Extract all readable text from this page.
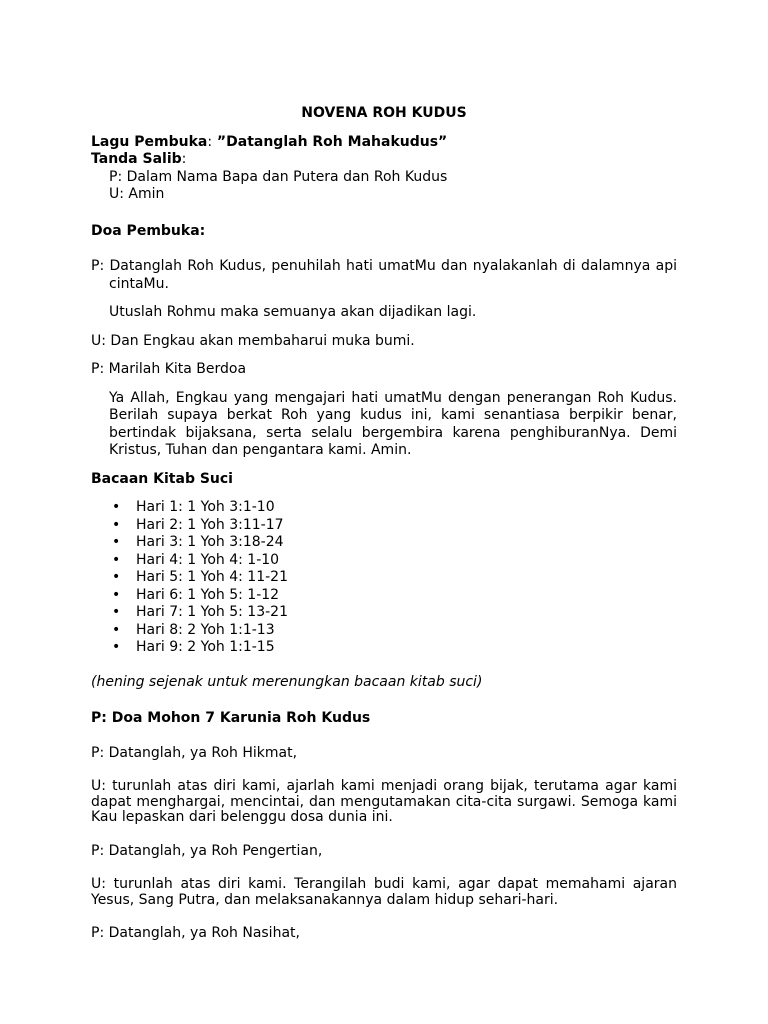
NOVENA ROH KUDUS

Lagu Pembuka: ”Datanglah Roh Mahakudus”

Tanda Salib:

P: Dalam Nama Bapa dan Putera dan Roh Kudus

U: Amin

Doa Pembuka:

P: Datanglah Roh Kudus, penuhilah hati umatMu dan nyalakanlah di dalamnya api cintaMu.

Utuslah Rohmu maka semuanya akan dijadikan lagi.

U: Dan Engkau akan membaharui muka bumi.

P: Marilah Kita Berdoa

Ya Allah, Engkau yang mengajari hati umatMu dengan penerangan Roh Kudus. Berilah supaya berkat Roh yang kudus ini, kami senantiasa berpikir benar, bertindak bijaksana, serta selalu bergembira karena penghiburanNya. Demi Kristus, Tuhan dan pengantara kami. Amin.

Bacaan Kitab Suci

• Hari 1: 1 Yoh 3:1-10
• Hari 2: 1 Yoh 3:11-17
• Hari 3: 1 Yoh 3:18-24
• Hari 4: 1 Yoh 4: 1-10
• Hari 5: 1 Yoh 4: 11-21
• Hari 6: 1 Yoh 5: 1-12
• Hari 7: 1 Yoh 5: 13-21
• Hari 8: 2 Yoh 1:1-13
• Hari 9: 2 Yoh 1:1-15

(hening sejenak untuk merenungkan bacaan kitab suci)

P: Doa Mohon 7 Karunia Roh Kudus

P: Datanglah, ya Roh Hikmat,

U: turunlah atas diri kami, ajarlah kami menjadi orang bijak, terutama agar kami dapat menghargai, mencintai, dan mengutamakan cita-cita surgawi. Semoga kami Kau lepaskan dari belenggu dosa dunia ini.

P: Datanglah, ya Roh Pengertian,

U: turunlah atas diri kami. Terangilah budi kami, agar dapat memahami ajaran Yesus, Sang Putra, dan melaksanakannya dalam hidup sehari-hari.

P: Datanglah, ya Roh Nasihat,
